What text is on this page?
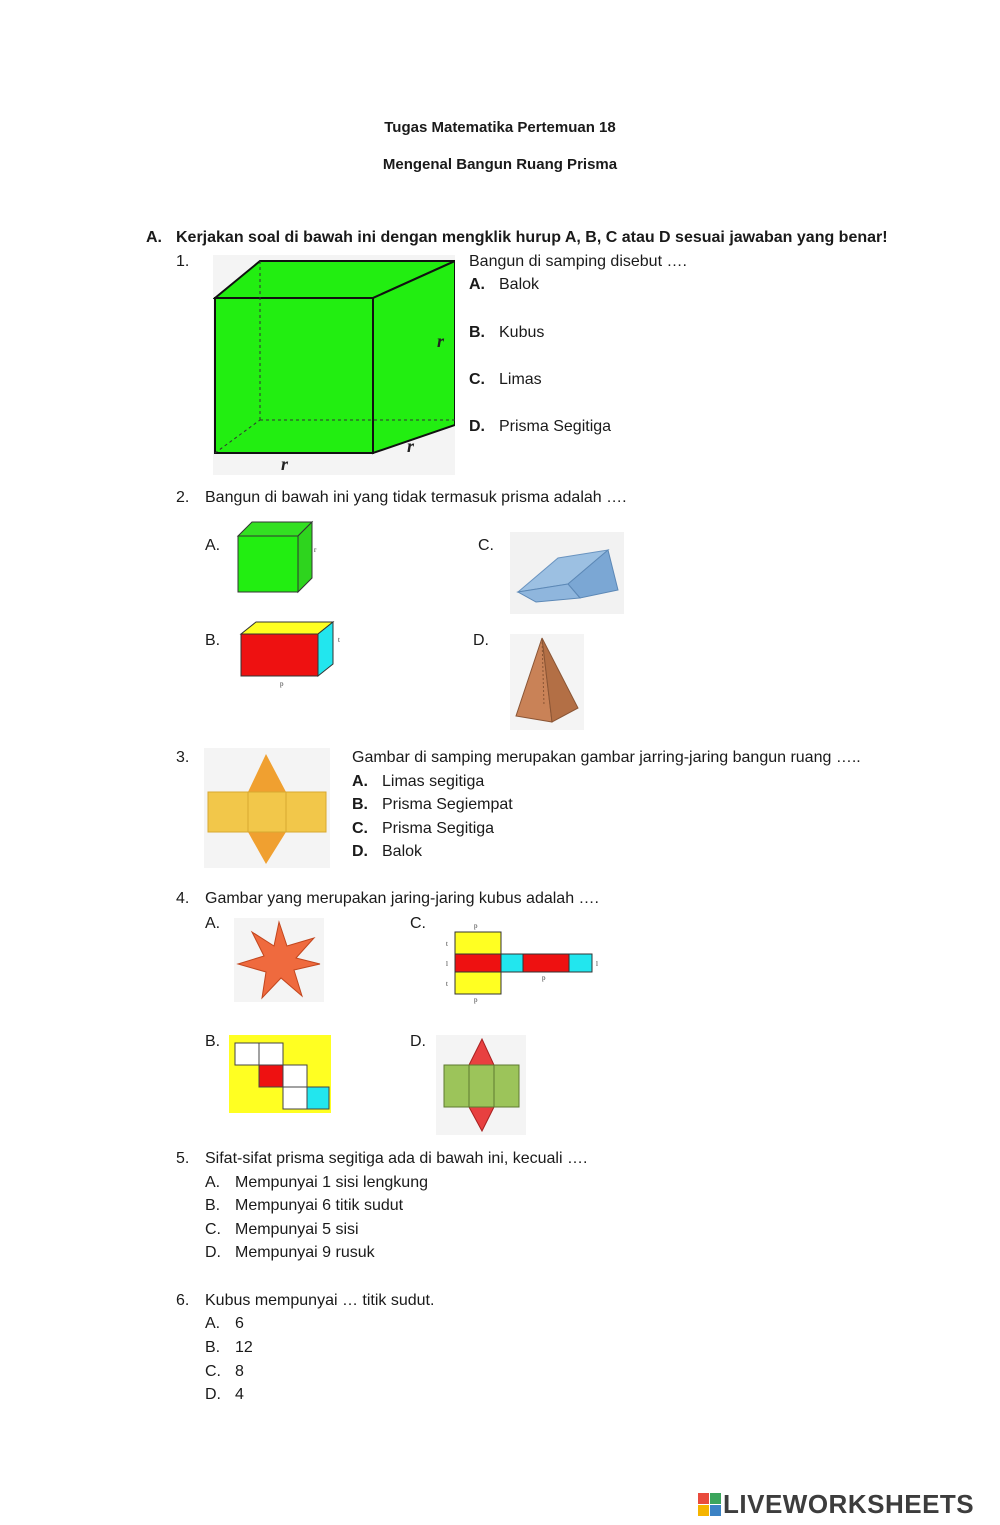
Tugas Matematika Pertemuan 18
Mengenal Bangun Ruang Prisma
A. Kerjakan soal di bawah ini dengan mengklik hurup A, B, C atau D sesuai jawaban yang benar!
1.
r
r
r
Bangun di samping disebut ….
A. Balok
B. Kubus
C. Limas
D. Prisma Segitiga
2. Bangun di bawah ini yang tidak termasuk prisma adalah ….
A.	r	C.
B.
p
t	D.
3.	Gambar di samping merupakan gambar jarring-jaring bangun ruang …..
A. Limas segitiga
B. Prisma Segiempat
C. Prisma Segitiga
D. Balok
4. Gambar yang merupakan jaring-jaring kubus adalah ….
A.	C.	p
p
p
t
l
t
l
B.	D.
5. Sifat-sifat prisma segitiga ada di bawah ini, kecuali ….
A. Mempunyai 1 sisi lengkung
B. Mempunyai 6 titik sudut
C. Mempunyai 5 sisi
D. Mempunyai 9 rusuk
6. Kubus mempunyai … titik sudut.
A. 6
B. 12
C. 8
D. 4
LIVEWORKSHEETS
